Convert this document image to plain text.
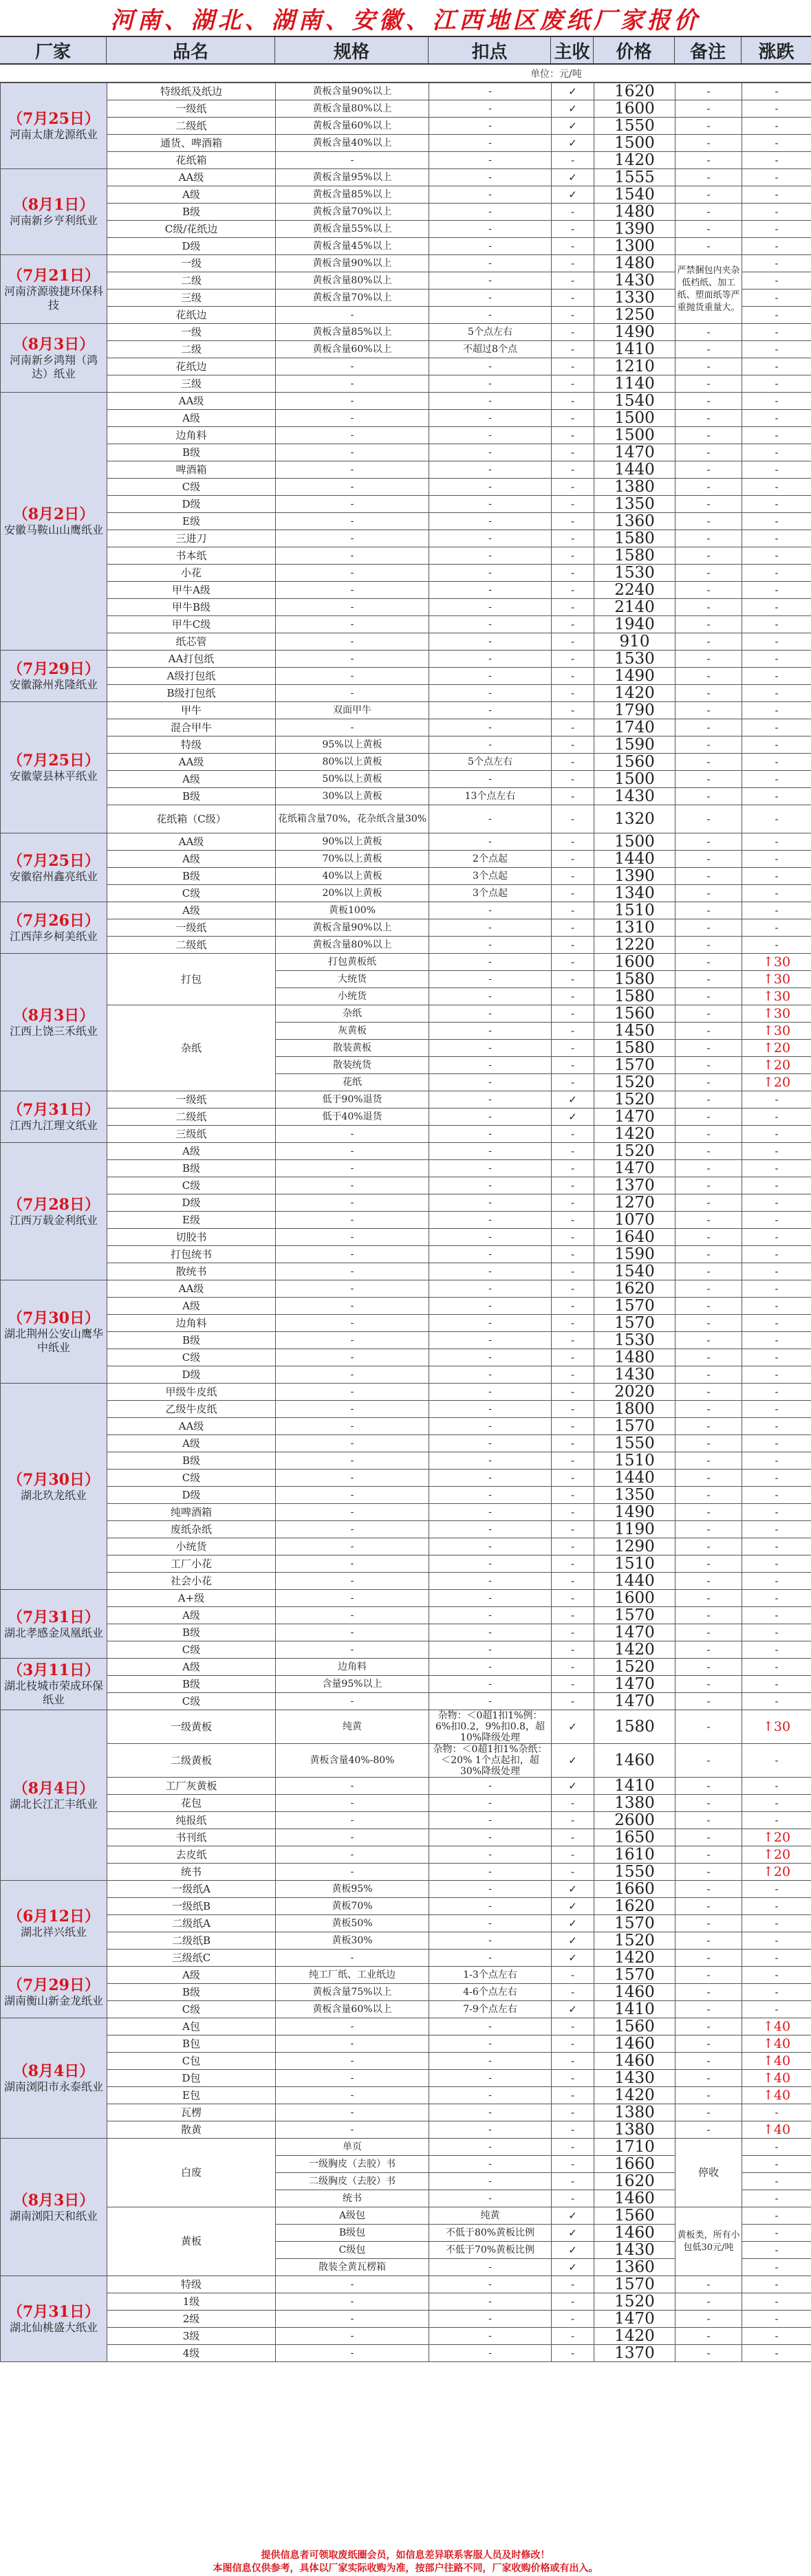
河南、湖北、湖南、安徽、江西地区废纸厂家报价
厂家	品名	规格	扣点	主收	价格	备注	涨跌
单位：元/吨
（7月25日）
河南太康龙源纸业	特级纸及纸边	黄板含量90%以上	-	✓	1620	-	-
	一级纸	黄板含量80%以上	-	✓	1600	-	-
	二级纸	黄板含量60%以上	-	✓	1550	-	-
	通货、啤酒箱	黄板含量40%以上	-	✓	1500	-	-
	花纸箱	-	-	-	1420	-	-

（8月1日）
河南新乡亨利纸业	AA级	黄板含量95%以上	-	✓	1555	-	-
	A级	黄板含量85%以上	-	✓	1540	-	-
	B级	黄板含量70%以上	-	-	1480	-	-
	C级/花纸边	黄板含量55%以上	-	-	1390	-	-
	D级	黄板含量45%以上	-	-	1300	-	-

（7月21日）
河南济源骏捷环保科技	一级	黄板含量90%以上	-	-	1480	严禁捆包内夹杂低档纸、加工纸、塑面纸等严重抛货重量大。	-
	二级	黄板含量80%以上	-	-	1430		-
	三级	黄板含量70%以上	-	-	1330		-
	花纸边	-	-	-	1250		-

（8月3日）
河南新乡鸿翔（鸿达）纸业	一级	黄板含量85%以上	5个点左右	-	1490	-	-
	二级	黄板含量60%以上	不超过8个点	-	1410	-	-
	花纸边	-	-	-	1210	-	-
	三级	-	-	-	1140	-	-

（8月2日）
安徽马鞍山山鹰纸业	AA级	-	-	-	1540	-	-
	A级	-	-	-	1500	-	-
	边角料	-	-	-	1500	-	-
	B级	-	-	-	1470	-	-
	啤酒箱	-	-	-	1440	-	-
	C级	-	-	-	1380	-	-
	D级	-	-	-	1350	-	-
	E级	-	-	-	1360	-	-
	三进刀	-	-	-	1580	-	-
	书本纸	-	-	-	1580	-	-
	小花	-	-	-	1530	-	-
	甲牛A级	-	-	-	2240	-	-
	甲牛B级	-	-	-	2140	-	-
	甲牛C级	-	-	-	1940	-	-
	纸芯管	-	-	-	910	-	-

（7月29日）
安徽滁州兆隆纸业	AA打包纸	-	-	-	1530	-	-
	A级打包纸	-	-	-	1490	-	-
	B级打包纸	-	-	-	1420	-	-

（7月25日）
安徽蒙县林平纸业	甲牛	双面甲牛	-	-	1790	-	-
	混合甲牛	-	-	-	1740	-	-
	特级	95%以上黄板	-	-	1590	-	-
	AA级	80%以上黄板	5个点左右	-	1560	-	-
	A级	50%以上黄板	-	-	1500	-	-
	B级	30%以上黄板	13个点左右	-	1430	-	-
	花纸箱（C级）	花纸箱含量70%，花杂纸含量30%	-	-	1320	-	-

（7月25日）
安徽宿州鑫亮纸业	AA级	90%以上黄板	-	-	1500	-	-
	A级	70%以上黄板	2个点起	-	1440	-	-
	B级	40%以上黄板	3个点起	-	1390	-	-
	C级	20%以上黄板	3个点起	-	1340	-	-

（7月26日）
江西萍乡柯美纸业	A级	黄板100%	-	-	1510	-	-
	一级纸	黄板含量90%以上	-	-	1310	-	-
	二级纸	黄板含量80%以上	-	-	1220	-	-

（8月3日）
江西上饶三禾纸业	打包	打包黄板纸	-	-	1600	-	↑30
		大统货	-	-	1580	-	↑30
		小统货	-	-	1580	-	↑30
	杂纸	杂纸	-	-	1560	-	↑30
		灰黄板	-	-	1450	-	↑30
		散装黄板	-	-	1580	-	↑20
		散装统货	-	-	1570	-	↑20
		花纸	-	-	1520	-	↑20

（7月31日）
江西九江理文纸业	一级纸	低于90%退货	-	✓	1520	-	-
	二级纸	低于40%退货	-	✓	1470	-	-
	三级纸	-	-	-	1420	-	-

（7月28日）
江西万载金利纸业	A级	-	-	-	1520	-	-
	B级	-	-	-	1470	-	-
	C级	-	-	-	1370	-	-
	D级	-	-	-	1270	-	-
	E级	-	-	-	1070	-	-
	切胶书	-	-	-	1640	-	-
	打包统书	-	-	-	1590	-	-
	散统书	-	-	-	1540	-	-

（7月30日）
湖北荆州公安山鹰华中纸业	AA级	-	-	-	1620	-	-
	A级	-	-	-	1570	-	-
	边角料	-	-	-	1570	-	-
	B级	-	-	-	1530	-	-
	C级	-	-	-	1480	-	-
	D级	-	-	-	1430	-	-

（7月30日）
湖北玖龙纸业	甲级牛皮纸	-	-	-	2020	-	-
	乙级牛皮纸	-	-	-	1800	-	-
	AA级	-	-	-	1570	-	-
	A级	-	-	-	1550	-	-
	B级	-	-	-	1510	-	-
	C级	-	-	-	1440	-	-
	D级	-	-	-	1350	-	-
	纯啤酒箱	-	-	-	1490	-	-
	废纸杂纸	-	-	-	1190	-	-
	小统货	-	-	-	1290	-	-
	工厂小花	-	-	-	1510	-	-
	社会小花	-	-	-	1440	-	-

（7月31日）
湖北孝感金凤凰纸业	A+级	-	-	-	1600	-	-
	A级	-	-	-	1570	-	-
	B级	-	-	-	1470	-	-
	C级	-	-	-	1420	-	-

（3月11日）
湖北枝城市荣成环保纸业	A级	边角料	-	-	1520	-	-
	B级	含量95%以上	-	-	1470	-	-
	C级	-	-	-	1470	-	-

（8月4日）
湖北长江汇丰纸业	一级黄板	纯黄	杂物：＜0超1扣1%例：6%扣0.2，9%扣0.8，超10%降级处理	✓	1580	-	↑30
	二级黄板	黄板含量40%-80%	杂物：＜0超1扣1%杂纸：＜20% 1个点起扣，超30%降级处理	✓	1460	-	-
	工厂灰黄板	-	-	✓	1410	-	-
	花包	-	-	-	1380	-	-
	纯报纸	-	-	-	2600	-	-
	书刊纸	-	-	-	1650	-	↑20
	去皮纸	-	-	-	1610	-	↑20
	统书	-	-	-	1550	-	↑20

（6月12日）
湖北祥兴纸业	一级纸A	黄板95%	-	✓	1660	-	-
	一级纸B	黄板70%	-	✓	1620	-	-
	二级纸A	黄板50%	-	✓	1570	-	-
	二级纸B	黄板30%	-	✓	1520	-	-
	三级纸C	-	-	✓	1420	-	-

（7月29日）
湖南衡山新金龙纸业	A级	纯工厂纸、工业纸边	1-3个点左右	-	1570	-	-
	B级	黄板含量75%以上	4-6个点左右	-	1460	-	-
	C级	黄板含量60%以上	7-9个点左右	✓	1410	-	-

（8月4日）
湖南浏阳市永泰纸业	A包	-	-	-	1560	-	↑40
	B包	-	-	-	1460	-	↑40
	C包	-	-	-	1460	-	↑40
	D包	-	-	-	1430	-	↑40
	E包	-	-	-	1420	-	↑40
	瓦楞	-	-	-	1380	-	-
	散黄	-	-	-	1380	-	↑40

（8月3日）
湖南浏阳天和纸业	白废	单页	-	-	1710	停收	-
		一级胸皮（去胶）书	-	-	1660		-
		二级胸皮（去胶）书	-	-	1620		-
		统书	-	-	1460		-
	黄板	A级包	纯黄	✓	1560	黄板类，所有小包低30元/吨	-
		B级包	不低于80%黄板比例	✓	1460		-
		C级包	不低于70%黄板比例	✓	1430		-
		散装全黄瓦楞箱	-	✓	1360		-

（7月31日）
湖北仙桃盛大纸业	特级	-	-	-	1570	-	-
	1级	-	-	-	1520	-	-
	2级	-	-	-	1470	-	-
	3级	-	-	-	1420	-	-
	4级	-	-	-	1370	-	-
提供信息者可领取废纸圈会员，如信息差异联系客服人员及时修改！
本图信息仅供参考，具体以厂家实际收购为准，按部户往路不同，厂家收购价格或有出入。
